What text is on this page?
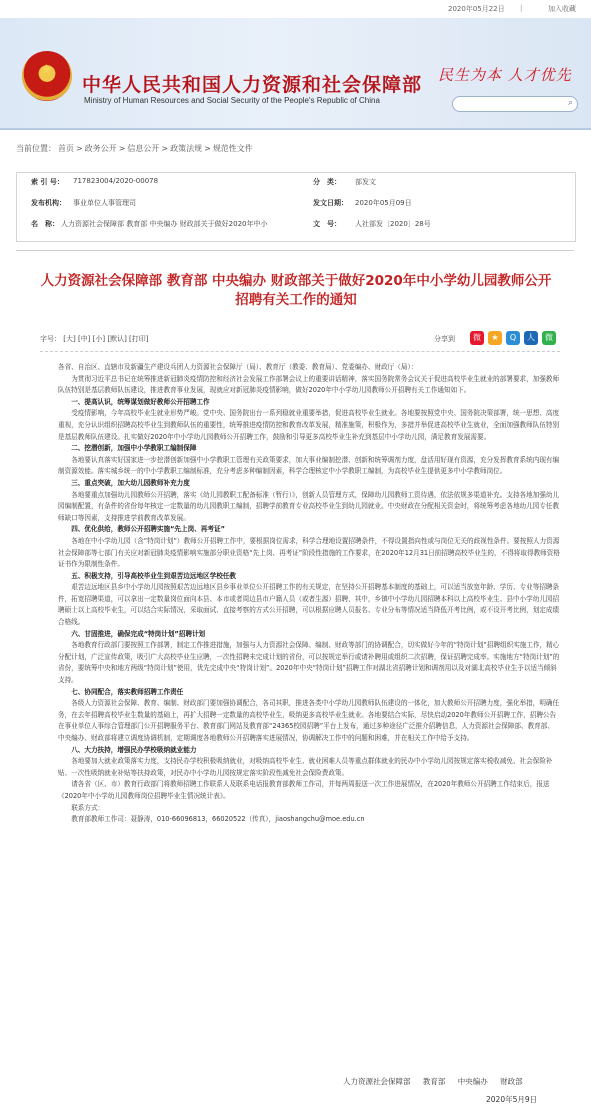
2020年05月22日 |	加入收藏
★
中华人民共和国人力资源和社会保障部
Ministry of Human Resources and Social Security of the People's Republic of China
民生为本 人才优先
⌕
当前位置： 首页 > 政务公开 > 信息公开 > 政策法规 > 规范性文件
索 引 号： 717823004/2020-00078	分　类： 部发文
发布机构： 事业单位人事管理司	发文日期： 2020年05月09日
名　称： 人力资源社会保障部 教育部 中央编办 财政部关于做好2020年中小	文　号： 人社部发〔2020〕28号
人力资源社会保障部 教育部 中央编办 财政部关于做好2020年中小学幼儿园教师公开招聘有关工作的通知
字号： [大] [中] [小] [默认] [打印]	分享到	微	★	Q	人	微

各省、自治区、直辖市及新疆生产建设兵团人力资源社会保障厅（局）、教育厅（教委、教育局）、党委编办、财政厅（局）：

为贯彻习近平总书记在统筹推进新冠肺炎疫情防控和经济社会发展工作部署会议上的重要讲话精神，落实国务院常务会议关于促进高校毕业生就业的部署要求，加强教师队伍特别是基层教师队伍建设，推进教育事业发展，现就应对新冠肺炎疫情影响，做好2020年中小学幼儿园教师公开招聘有关工作通知如下。

一、提高认识，统筹谋划做好教师公开招聘工作

受疫情影响，今年高校毕业生就业形势严峻。党中央、国务院出台一系列稳就业重要举措，促进高校毕业生就业。各地要按照党中央、国务院决策部署，统一思想、高度重视，充分认识组织招聘高校毕业生到教师队伍的重要性，统筹推进疫情防控和教育改革发展，精准施策，积极作为，多措并举促进高校毕业生就业，全面加强教师队伍特别是基层教师队伍建设。扎实做好2020年中小学幼儿园教师公开招聘工作，鼓励和引导更多高校毕业生补充到基层中小学幼儿园，满足教育发展需要。

二、挖潜创新，加强中小学教职工编制保障

各地要认真落实好国家进一步挖潜创新加强中小学教职工管理有关政策要求，加大事业编制挖潜、创新和统筹调剂力度，盘活用好现有资源，充分发挥教育系统内现有编制资源效能。落实城乡统一的中小学教职工编制标准，充分考虑多种编制因素，科学合理核定中小学教职工编制，为高校毕业生提供更多中小学教师岗位。

三、重点突破，加大幼儿园教师补充力度

各地要重点加强幼儿园教师公开招聘，落实《幼儿园教职工配备标准（暂行）》，创新人员管理方式，保障幼儿园教师工资待遇，依法依规多渠道补充。支持各地加强幼儿园编制配置，有条件的省份每年核定一定数量的幼儿园教职工编制，招聘学前教育专业高校毕业生到幼儿园就业。中央财政在分配相关资金时，将统筹考虑各地幼儿园专任教师缺口等因素，支持推进学前教育改革发展。

四、优化供给，教师公开招聘实施“先上岗、再考证”

各地在中小学幼儿园（含“特岗计划”）教师公开招聘工作中，要根据岗位需求，科学合理地设置招聘条件，不得设置指向性或与岗位无关的歧视性条件。要按照人力资源社会保障部等七部门有关应对新冠肺炎疫情影响实施部分职业资格“先上岗、再考证”阶段性措施的工作要求，在2020年12月31日前招聘高校毕业生的，不得将取得教师资格证书作为限制性条件。

五、积极支持，引导高校毕业生到艰苦边远地区学校任教

艰苦边远地区县乡中小学幼儿园按照艰苦边远地区县乡事业单位公开招聘工作的有关规定，在坚持公开招聘基本制度的基础上，可以适当放宽年龄、学历、专业等招聘条件，拓宽招聘渠道，可以拿出一定数量岗位面向本县、本市或者周边县市户籍人员（或者生源）招聘，其中，乡镇中小学幼儿园招聘本科以上高校毕业生、县中小学幼儿园招聘硕士以上高校毕业生，可以结合实际情况，采取面试、直接考察的方式公开招聘，可以根据应聘人员报名、专业分布等情况适当降低开考比例，或不设开考比例，划定成绩合格线。

六、甘固推进，确保完成“特岗计划”招聘计划

各地教育行政部门要按照工作部署，制定工作推进措施，加强与人力资源社会保障、编制、财政等部门的协调配合，切实做好今年的“特岗计划”招聘组织实施工作，精心分配计划，广泛宣传政策，吸引广大高校毕业生应聘，一次性招聘未完成计划的省份，可以按规定举行或请补聘用或组织二次招聘，保证招聘完成率。实施地方“特岗计划”的省份，要统筹中央和地方两级“特岗计划”使用，优先完成中央“特岗计划”。2020年中央“特岗计划”招聘工作对湖北省招聘计划和调剂用以及对湖北高校毕业生予以适当倾斜支持。

七、协同配合，落实教师招聘工作责任

各级人力资源社会保障、教育、编制、财政部门要加强协调配合，各司其职，推进各类中小学幼儿园教师队伍建设的一体化，加大教师公开招聘力度，强化举措，明确任务，在去年招聘高校毕业生数量的基础上，再扩大招聘一定数量的高校毕业生，吸纳更多高校毕业生就业。各地要结合实际，尽快启动2020年教师公开招聘工作，招聘公告在事业单位人事综合管理部门公开招聘服务平台、教育部门网站及教育部“24365校园招聘”平台上发布，通过多种途径广泛推介招聘信息，人力资源社会保障部、教育部、中央编办、财政部将建立调度协调机制，定期调度各地教师公开招聘落实进展情况，协调解决工作中的问题和困难，并在相关工作中给予支持。

八、大力扶持，增强民办学校吸纳就业能力

各地要加大就业政策落实力度，支持民办学校积极吸纳就业，对吸纳高校毕业生、就业困难人员等重点群体就业的民办中小学幼儿园按规定落实税收减免、社会保险补贴、一次性吸纳就业补贴等扶持政策，对民办中小学幼儿园按规定落实阶段性减免社会保险费政策。

请各省（区、市）教育行政部门将教师招聘工作联系人及联系电话报教育部教师工作司，并每两周报送一次工作进展情况，在2020年教师公开招聘工作结束后，报送《2020年中小学幼儿园教师岗位招聘毕业生情况统计表》。

联系方式：

教育部教师工作司：聂静涛，010-66096813，66020522（传真），jiaoshangchu@moe.edu.cn

人力资源社会保障部 教育部 中央编办 财政部
2020年5月9日
